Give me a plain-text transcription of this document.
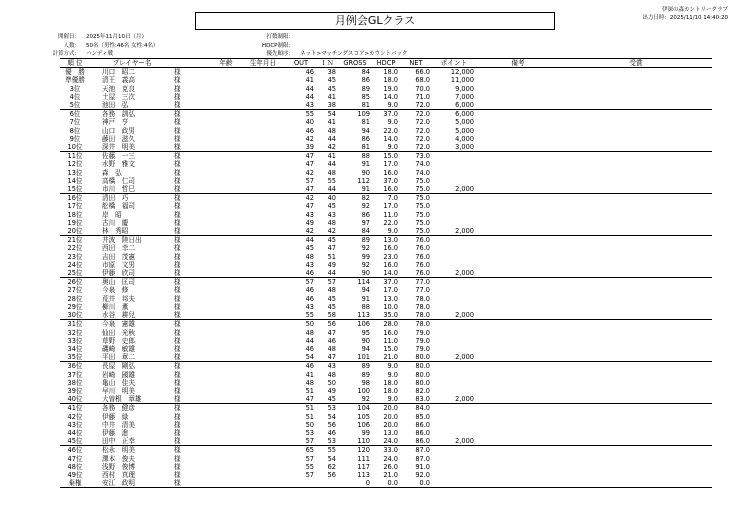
月例会GLクラス
伊深の森カントリークラブ
出力日時：2025/11/10 14:40:20
開催日： 2025年11月10日（月）
人数： 50名（男性:46名 女性:4名）
計算方式： ハンディ戦
打数制限：
HDCP制限：
優先順序： ネット>マッチングスコア>カウントバック
順 位	プレイヤー名		年齢	生年月日	OUT	ＩＮ	GROSS	HDCP	NET	ポイント	備考	受賞
優　勝	川口　昭二	様			46	38	84	18.0	66.0	12,000		
準優勝	清王　義高	様			41	45	86	18.0	68.0	11,000		
3位	天池　克良	様			44	45	89	19.0	70.0	9,000		
4位	土屋　三次	様			44	41	85	14.0	71.0	7,000		
5位	池田　弘	様			43	38	81	9.0	72.0	6,000		
6位	各務　訓弘	様			55	54	109	37.0	72.0	6,000		
7位	神戸　亨	様			40	41	81	9.0	72.0	5,000		
8位	山口　政男	様			46	48	94	22.0	72.0	5,000		
9位	藤田　滋久	様			42	44	86	14.0	72.0	4,000		
10位	深井　明美	様			39	42	81	9.0	72.0	3,000		
11位	佐藤　一三	様			47	41	88	15.0	73.0			
12位	水野　雅文	様			47	44	91	17.0	74.0			
13位	森　弘	様			42	48	90	16.0	74.0			
14位	高橋　仁司	様			57	55	112	37.0	75.0			
15位	市川　哲巳	様			47	44	91	16.0	75.0	2,000		
16位	清田　巧	様			42	40	82	7.0	75.0			
17位	舩橋　福司	様			47	45	92	17.0	75.0			
18位	岸　昭	様			43	43	86	11.0	75.0			
19位	古川　慶	様			49	48	97	22.0	75.0			
20位	林　秀昭	様			42	42	84	9.0	75.0	2,000		
21位	井波　陸日出	様			44	45	89	13.0	76.0			
22位	西田　幸二	様			45	47	92	16.0	76.0			
23位	吉田　茂憲	様			48	51	99	23.0	76.0			
24位	市原　文男	様			43	49	92	16.0	76.0			
25位	伊藤　欣司	様			46	44	90	14.0	76.0	2,000		
26位	奥山　匡司	様			57	57	114	37.0	77.0			
27位	今泉　修	様			46	48	94	17.0	77.0			
28位	荒井　邦夫	様			46	45	91	13.0	78.0			
29位	柳川　薫	様			43	45	88	10.0	78.0			
30位	水谷　耕兒	様			55	58	113	35.0	78.0	2,000		
31位	今泉　憲雄	様			50	56	106	28.0	78.0			
32位	仙田　光秋	様			48	47	95	16.0	79.0			
33位	草野　史郎	様			44	46	90	11.0	79.0			
34位	磯崎　敏雄	様			46	48	94	15.0	79.0			
35位	平田　章二	様			54	47	101	21.0	80.0	2,000		
36位	長屋　剛弘	様			46	43	89	9.0	80.0			
37位	岩崎　國雄	様			41	48	89	9.0	80.0			
38位	亀山　佳夫	様			48	50	98	18.0	80.0			
39位	早川　明美	様			51	49	100	18.0	82.0			
40位	大曽根　章雄	様			47	45	92	9.0	83.0	2,000		
41位	各務　健彦	様			51	53	104	20.0	84.0			
42位	伊藤　緑	様			51	54	105	20.0	85.0			
43位	中井　清美	様			50	56	106	20.0	86.0			
44位	伊藤　進	様			53	46	99	13.0	86.0			
45位	田中　正幸	様			57	53	110	24.0	86.0	2,000		
46位	松永　明美	様			65	55	120	33.0	87.0			
47位	澤本　俊夫	様			57	54	111	24.0	87.0			
48位	浅野　俊博	様			55	62	117	26.0	91.0			
49位	西村　真理	様			57	56	113	21.0	92.0			
棄権	安江　政明	様					0	0.0	0.0			
